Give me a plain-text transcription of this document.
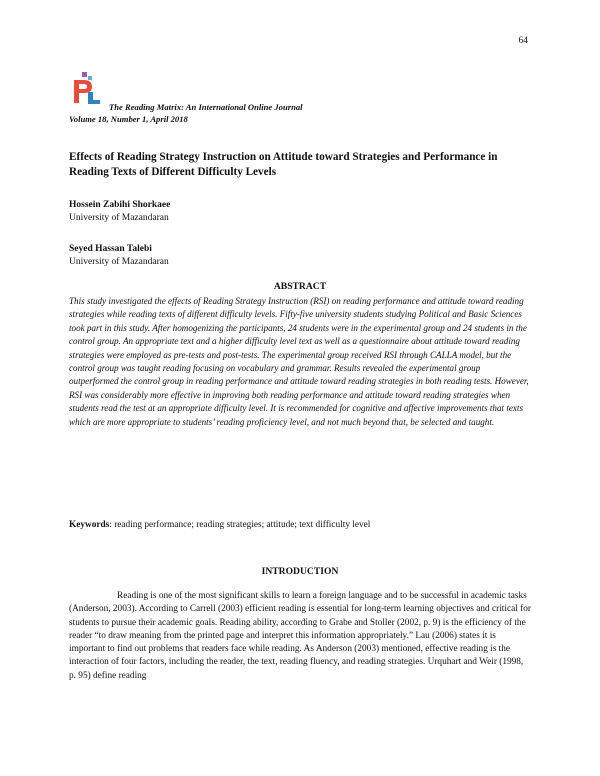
64
The Reading Matrix: An International Online Journal
Volume 18, Number 1, April 2018
Effects of Reading Strategy Instruction on Attitude toward Strategies and Performance in Reading Texts of Different Difficulty Levels
Hossein Zabihi Shorkaee
University of Mazandaran
Seyed Hassan Talebi
University of Mazandaran
ABSTRACT

This study investigated the effects of Reading Strategy Instruction (RSI) on reading performance and attitude toward reading strategies while reading texts of different difficulty levels. Fifty-five university students studying Political and Basic Sciences took part in this study. After homogenizing the participants, 24 students were in the experimental group and 24 students in the control group. An appropriate text and a higher difficulty level text as well as a questionnaire about attitude toward reading strategies were employed as pre-tests and post-tests. The experimental group received RSI through CALLA model, but the control group was taught reading focusing on vocabulary and grammar. Results revealed the experimental group outperformed the control group in reading performance and attitude toward reading strategies in both reading tests. However, RSI was considerably more effective in improving both reading performance and attitude toward reading strategies when students read the test at an appropriate difficulty level. It is recommended for cognitive and affective improvements that texts which are more appropriate to students’ reading proficiency level, and not much beyond that, be selected and taught.

Keywords: reading performance; reading strategies; attitude; text difficulty level
INTRODUCTION

Reading is one of the most significant skills to learn a foreign language and to be successful in academic tasks (Anderson, 2003). According to Carrell (2003) efficient reading is essential for long-term learning objectives and critical for students to pursue their academic goals. Reading ability, according to Grabe and Stoller (2002, p. 9) is the efficiency of the reader “to draw meaning from the printed page and interpret this information appropriately.” Lau (2006) states it is important to find out problems that readers face while reading. As Anderson (2003) mentioned, effective reading is the interaction of four factors, including the reader, the text, reading fluency, and reading strategies. Urquhart and Weir (1998, p. 95) define reading
